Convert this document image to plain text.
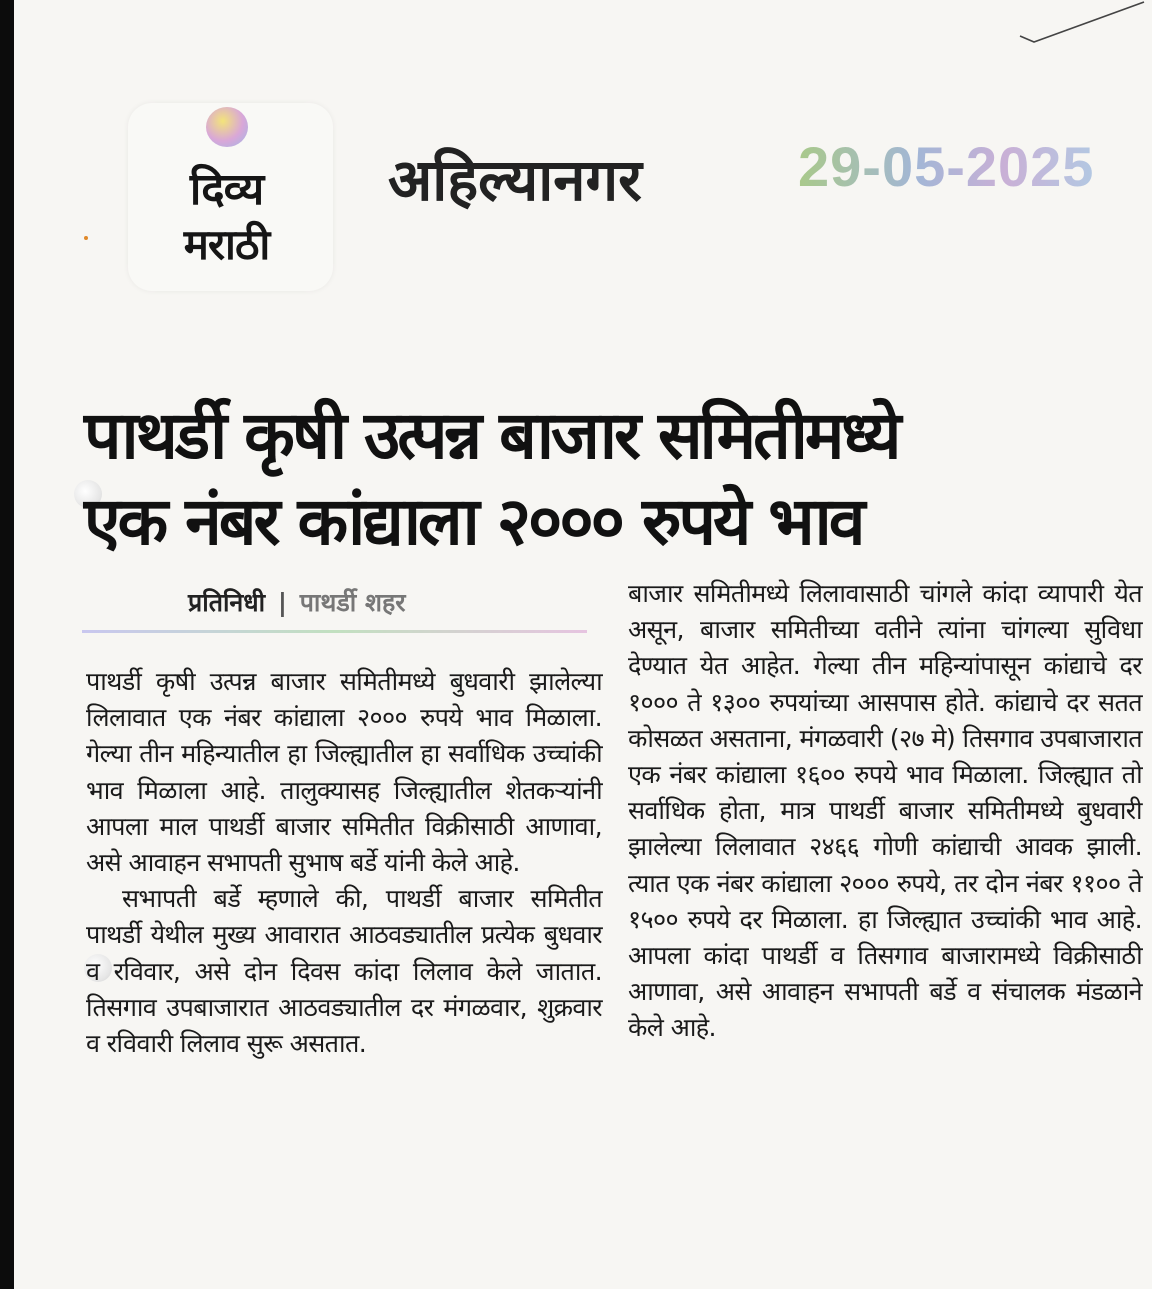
दिव्य
मराठी
अहिल्यानगर	29-05-2025
पाथर्डी कृषी उत्पन्न बाजार समितीमध्ये
एक नंबर कांद्याला २००० रुपये भाव
प्रतिनिधी | पाथर्डी शहर

पाथर्डी कृषी उत्पन्न बाजार समितीमध्ये बुधवारी झालेल्या लिलावात एक नंबर कांद्याला २००० रुपये भाव मिळाला. गेल्या तीन महिन्यातील हा जिल्ह्यातील हा सर्वाधिक उच्चांकी भाव मिळाला आहे. तालुक्यासह जिल्ह्यातील शेतकऱ्यांनी आपला माल पाथर्डी बाजार समितीत विक्रीसाठी आणावा, असे आवाहन सभापती सुभाष बर्डे यांनी केले आहे.

सभापती बर्डे म्हणाले की, पाथर्डी बाजार समितीत पाथर्डी येथील मुख्य आवारात आठवड्यातील प्रत्येक बुधवार व रविवार, असे दोन दिवस कांदा लिलाव केले जातात. तिसगाव उपबाजारात आठवड्यातील दर मंगळवार, शुक्रवार व रविवारी लिलाव सुरू असतात.

बाजार समितीमध्ये लिलावासाठी चांगले कांदा व्यापारी येत असून, बाजार समितीच्या वतीने त्यांना चांगल्या सुविधा देण्यात येत आहेत. गेल्या तीन महिन्यांपासून कांद्याचे दर १००० ते १३०० रुपयांच्या आसपास होते. कांद्याचे दर सतत कोसळत असताना, मंगळवारी (२७ मे) तिसगाव उपबाजारात एक नंबर कांद्याला १६०० रुपये भाव मिळाला. जिल्ह्यात तो सर्वाधिक होता, मात्र पाथर्डी बाजार समितीमध्ये बुधवारी झालेल्या लिलावात २४६६ गोणी कांद्याची आवक झाली. त्यात एक नंबर कांद्याला २००० रुपये, तर दोन नंबर ११०० ते १५०० रुपये दर मिळाला. हा जिल्ह्यात उच्चांकी भाव आहे. आपला कांदा पाथर्डी व तिसगाव बाजारामध्ये विक्रीसाठी आणावा, असे आवाहन सभापती बर्डे व संचालक मंडळाने केले आहे.
